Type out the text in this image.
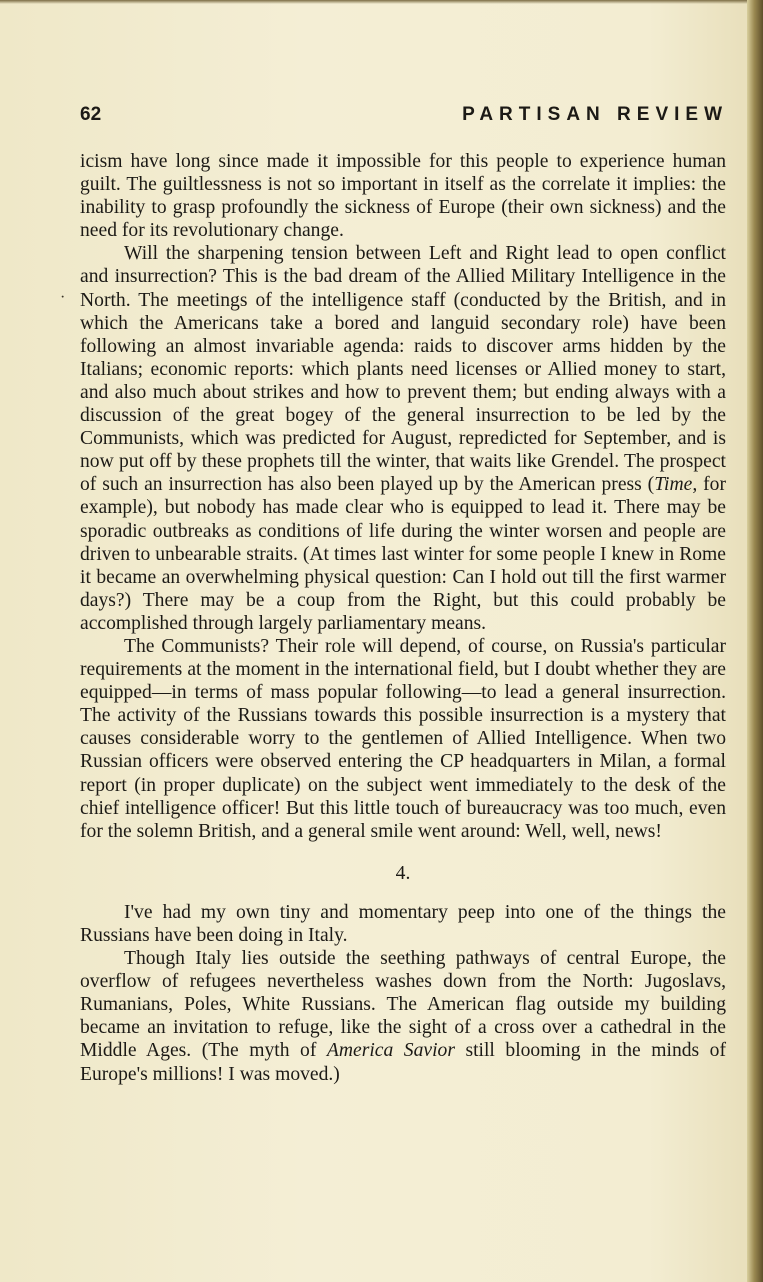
62	PARTISAN REVIEW
·

icism have long since made it impossible for this people to experience human guilt. The guiltlessness is not so important in itself as the correlate it implies: the inability to grasp profoundly the sickness of Europe (their own sickness) and the need for its revolutionary change.

Will the sharpening tension between Left and Right lead to open conflict and insurrection? This is the bad dream of the Allied Military Intelligence in the North. The meetings of the intelligence staff (conducted by the British, and in which the Americans take a bored and languid secondary role) have been following an almost invariable agenda: raids to discover arms hidden by the Italians; economic reports: which plants need licenses or Allied money to start, and also much about strikes and how to prevent them; but ending always with a discussion of the great bogey of the general insurrection to be led by the Communists, which was predicted for August, repredicted for September, and is now put off by these prophets till the winter, that waits like Grendel. The prospect of such an insurrection has also been played up by the American press (Time, for example), but nobody has made clear who is equipped to lead it. There may be sporadic outbreaks as conditions of life during the winter worsen and people are driven to unbearable straits. (At times last winter for some people I knew in Rome it became an overwhelming physical question: Can I hold out till the first warmer days?) There may be a coup from the Right, but this could probably be accomplished through largely parliamentary means.

The Communists? Their role will depend, of course, on Russia's particular requirements at the moment in the international field, but I doubt whether they are equipped—in terms of mass popular following—to lead a general insurrection. The activity of the Russians towards this possible insurrection is a mystery that causes considerable worry to the gentlemen of Allied Intelligence. When two Russian officers were observed entering the CP headquarters in Milan, a formal report (in proper duplicate) on the subject went immediately to the desk of the chief intelligence officer! But this little touch of bureaucracy was too much, even for the solemn British, and a general smile went around: Well, well, news!

4.

I've had my own tiny and momentary peep into one of the things the Russians have been doing in Italy.

Though Italy lies outside the seething pathways of central Europe, the overflow of refugees nevertheless washes down from the North: Jugoslavs, Rumanians, Poles, White Russians. The American flag outside my building became an invitation to refuge, like the sight of a cross over a cathedral in the Middle Ages. (The myth of America Savior still blooming in the minds of Europe's millions! I was moved.)
